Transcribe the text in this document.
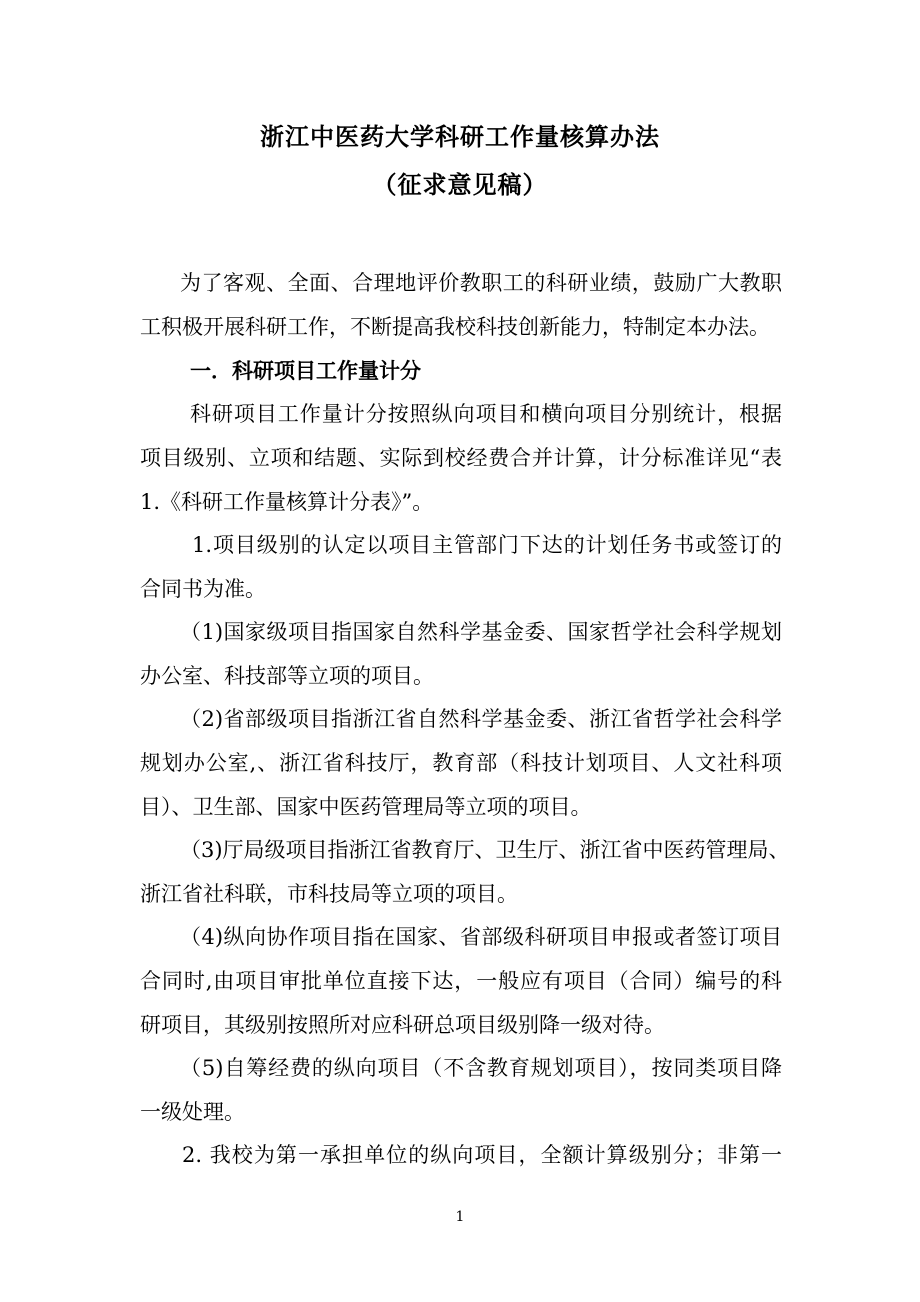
浙江中医药大学科研工作量核算办法
（征求意见稿）
为了客观、全面、合理地评价教职工的科研业绩，鼓励广大教职
工积极开展科研工作，不断提高我校科技创新能力，特制定本办法。
一．科研项目工作量计分
科研项目工作量计分按照纵向项目和横向项目分别统计，根据
项目级别、立项和结题、实际到校经费合并计算，计分标准详见“表
1.《科研工作量核算计分表》”。
1.项目级别的认定以项目主管部门下达的计划任务书或签订的
合同书为准。
（1)国家级项目指国家自然科学基金委、国家哲学社会科学规划
办公室、科技部等立项的项目。
（2)省部级项目指浙江省自然科学基金委、浙江省哲学社会科学
规划办公室,、浙江省科技厅，教育部（科技计划项目、人文社科项
目）、卫生部、国家中医药管理局等立项的项目。
（3)厅局级项目指浙江省教育厅、卫生厅、浙江省中医药管理局、
浙江省社科联，市科技局等立项的项目。
（4)纵向协作项目指在国家、省部级科研项目申报或者签订项目
合同时,由项目审批单位直接下达，一般应有项目（合同）编号的科
研项目，其级别按照所对应科研总项目级别降一级对待。
（5)自筹经费的纵向项目（不含教育规划项目），按同类项目降
一级处理。
2. 我校为第一承担单位的纵向项目，全额计算级别分；非第一
1
